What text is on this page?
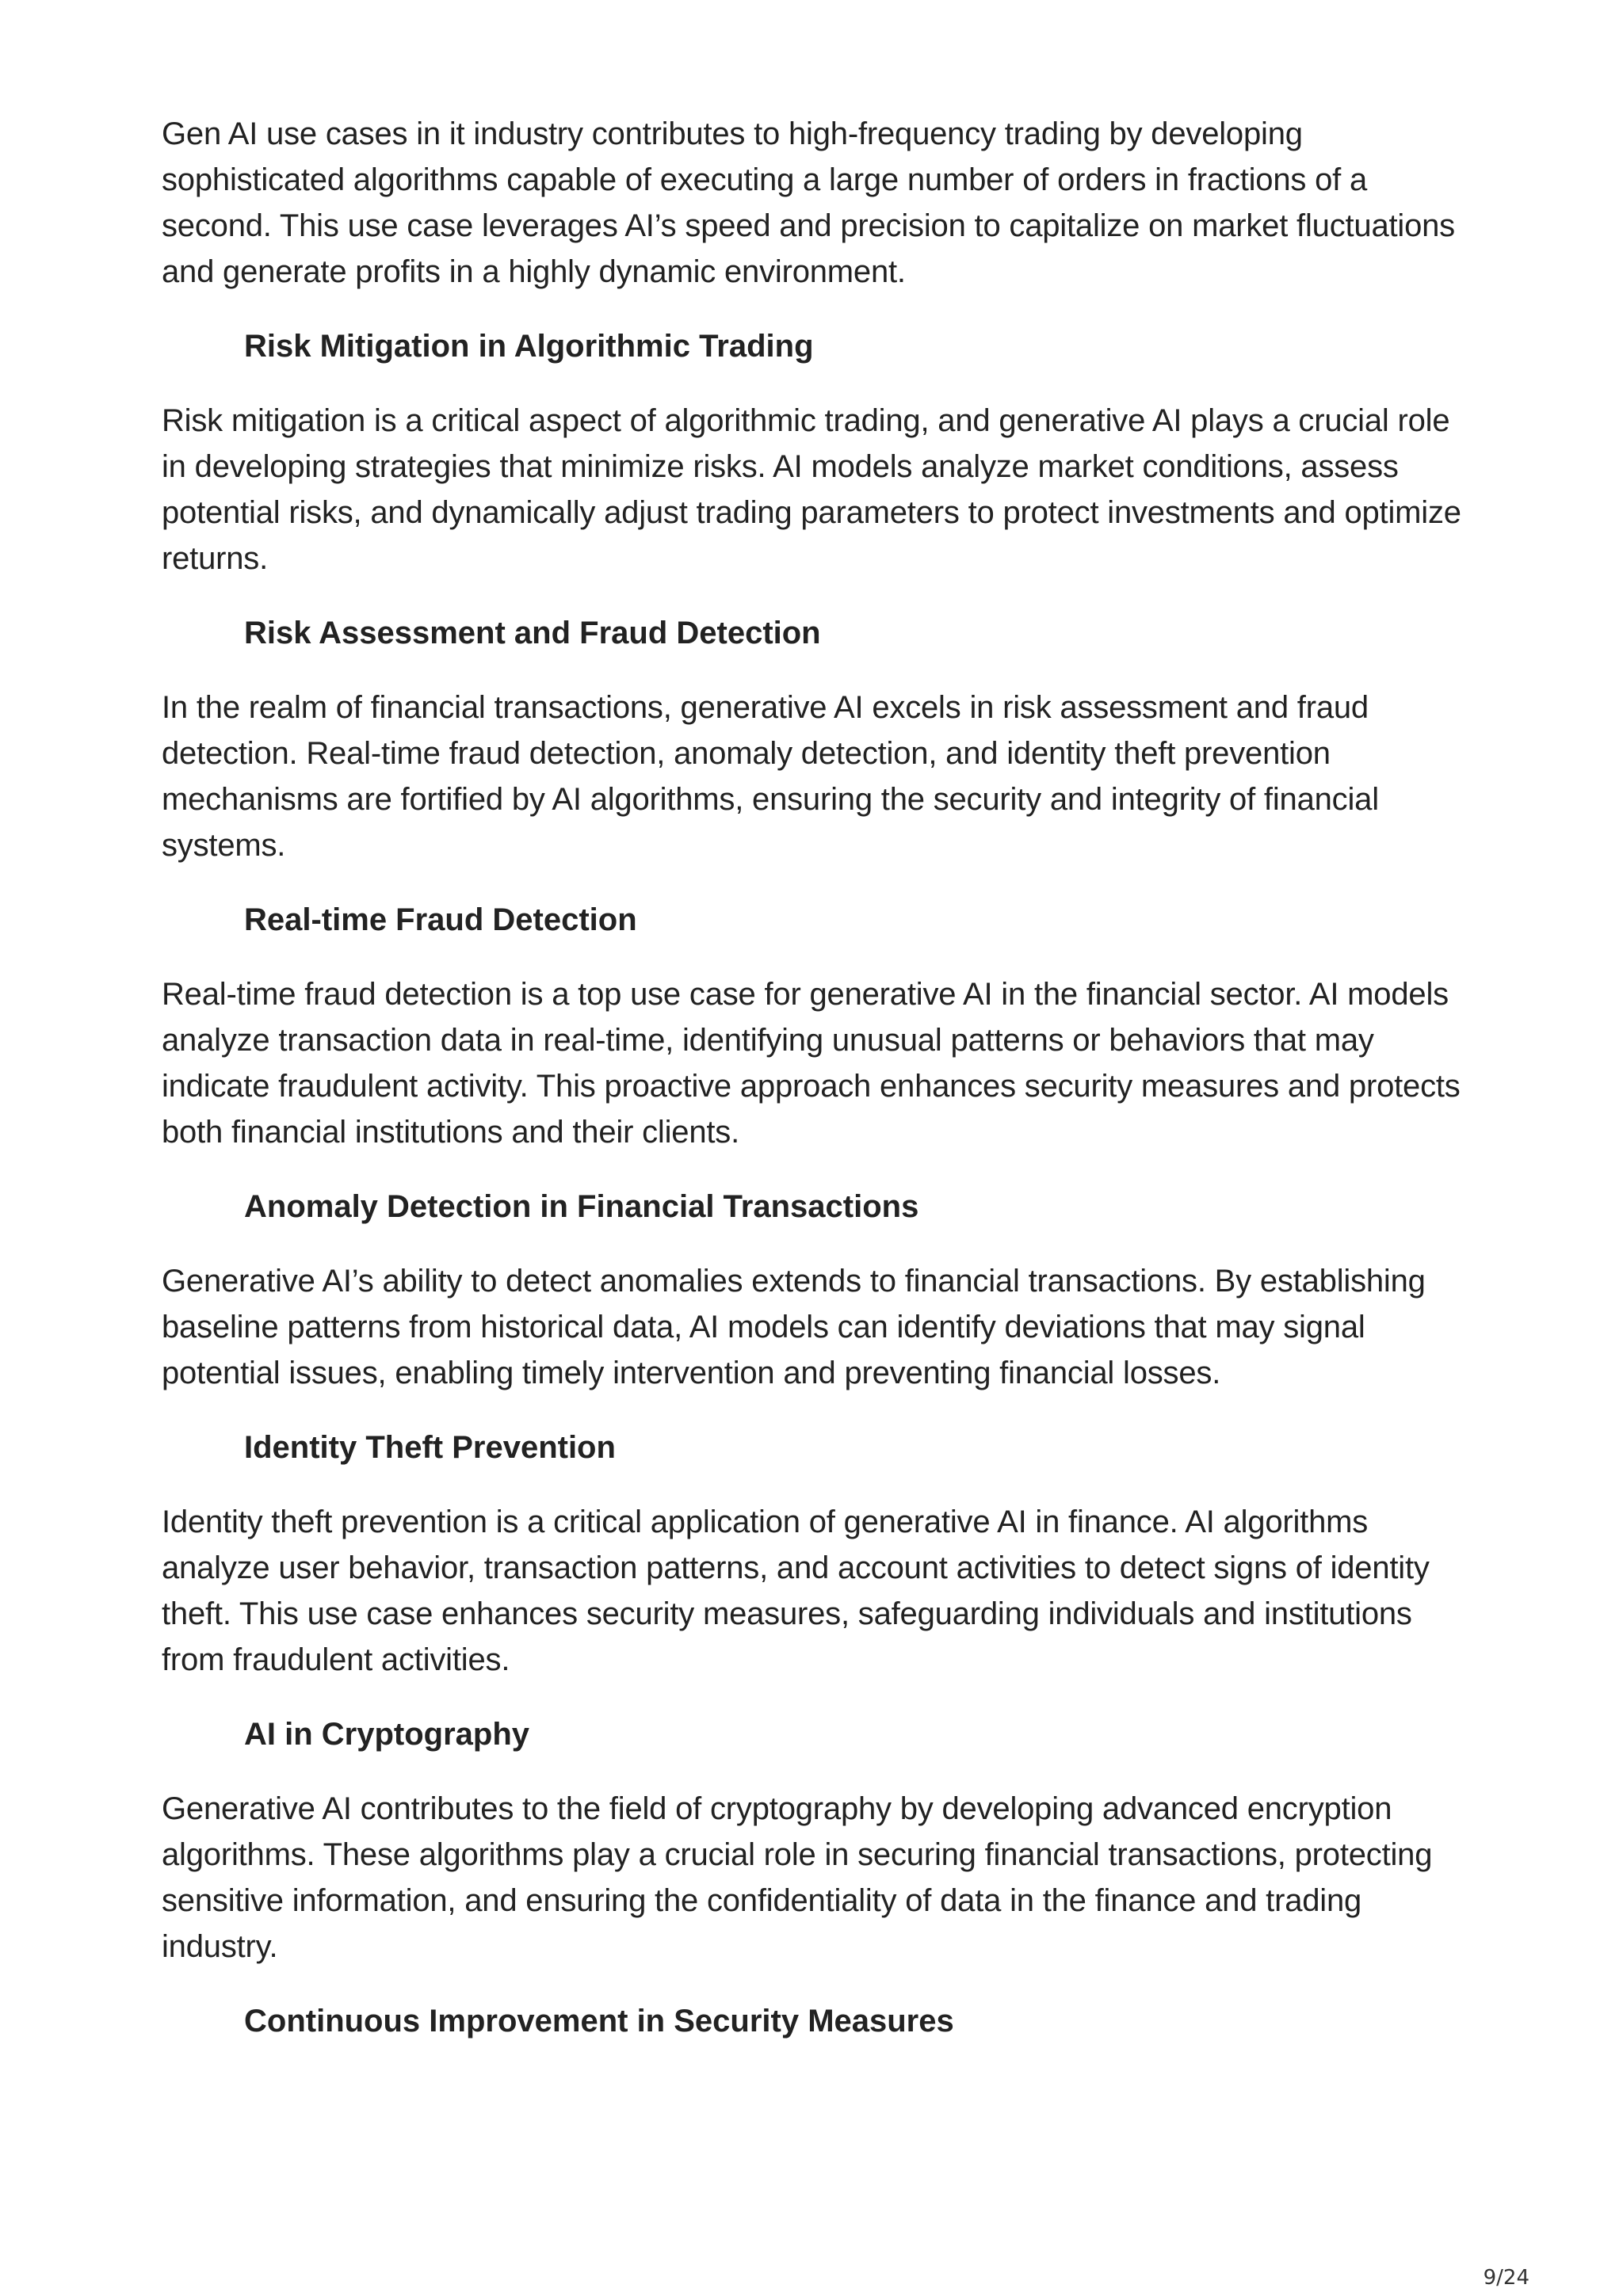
Gen AI use cases in it industry contributes to high-frequency trading by developing sophisticated algorithms capable of executing a large number of orders in fractions of a second. This use case leverages AI’s speed and precision to capitalize on market fluctuations and generate profits in a highly dynamic environment.

Risk Mitigation in Algorithmic Trading

Risk mitigation is a critical aspect of algorithmic trading, and generative AI plays a crucial role in developing strategies that minimize risks. AI models analyze market conditions, assess potential risks, and dynamically adjust trading parameters to protect investments and optimize returns.

Risk Assessment and Fraud Detection

In the realm of financial transactions, generative AI excels in risk assessment and fraud detection. Real-time fraud detection, anomaly detection, and identity theft prevention mechanisms are fortified by AI algorithms, ensuring the security and integrity of financial systems.

Real-time Fraud Detection

Real-time fraud detection is a top use case for generative AI in the financial sector. AI models analyze transaction data in real-time, identifying unusual patterns or behaviors that may indicate fraudulent activity. This proactive approach enhances security measures and protects both financial institutions and their clients.

Anomaly Detection in Financial Transactions

Generative AI’s ability to detect anomalies extends to financial transactions. By establishing baseline patterns from historical data, AI models can identify deviations that may signal potential issues, enabling timely intervention and preventing financial losses.

Identity Theft Prevention

Identity theft prevention is a critical application of generative AI in finance. AI algorithms analyze user behavior, transaction patterns, and account activities to detect signs of identity theft. This use case enhances security measures, safeguarding individuals and institutions from fraudulent activities.

AI in Cryptography

Generative AI contributes to the field of cryptography by developing advanced encryption algorithms. These algorithms play a crucial role in securing financial transactions, protecting sensitive information, and ensuring the confidentiality of data in the finance and trading industry.

Continuous Improvement in Security Measures
9/24
